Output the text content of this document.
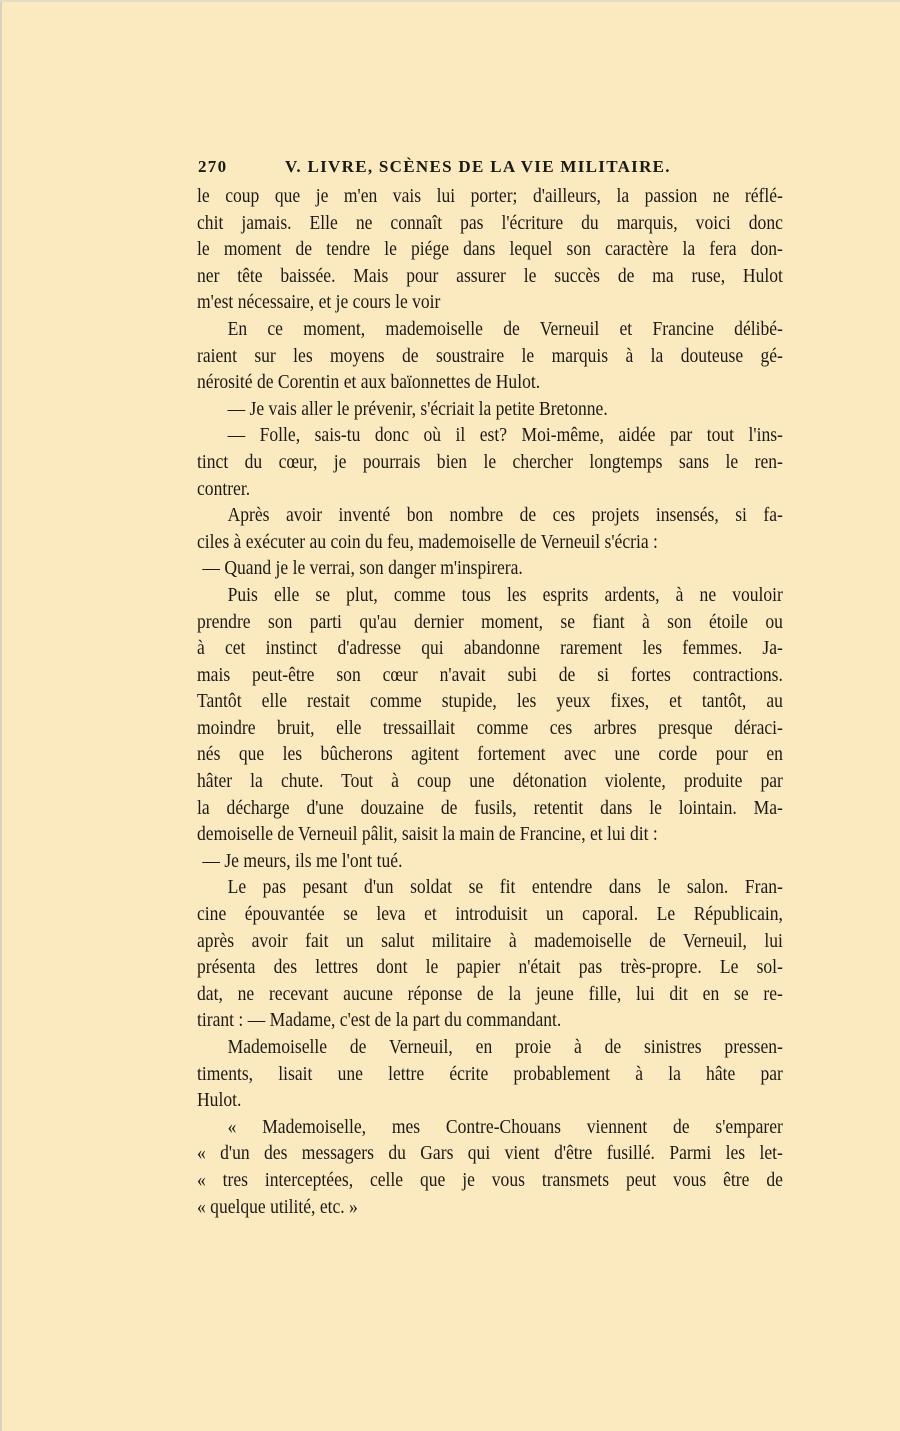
270	V. LIVRE, SCÈNES DE LA VIE MILITAIRE.
le coup que je m'en vais lui porter; d'ailleurs, la passion ne réflé-
chit jamais. Elle ne connaît pas l'écriture du marquis, voici donc
le moment de tendre le piége dans lequel son caractère la fera don-
ner tête baissée. Mais pour assurer le succès de ma ruse, Hulot
m'est nécessaire, et je cours le voir
En ce moment, mademoiselle de Verneuil et Francine délibé-
raient sur les moyens de soustraire le marquis à la douteuse gé-
nérosité de Corentin et aux baïonnettes de Hulot.
— Je vais aller le prévenir, s'écriait la petite Bretonne.
— Folle, sais-tu donc où il est? Moi-même, aidée par tout l'ins-
tinct du cœur, je pourrais bien le chercher longtemps sans le ren-
contrer.
Après avoir inventé bon nombre de ces projets insensés, si fa-
ciles à exécuter au coin du feu, mademoiselle de Verneuil s'écria :
— Quand je le verrai, son danger m'inspirera.
Puis elle se plut, comme tous les esprits ardents, à ne vouloir
prendre son parti qu'au dernier moment, se fiant à son étoile ou
à cet instinct d'adresse qui abandonne rarement les femmes. Ja-
mais peut-être son cœur n'avait subi de si fortes contractions.
Tantôt elle restait comme stupide, les yeux fixes, et tantôt, au
moindre bruit, elle tressaillait comme ces arbres presque déraci-
nés que les bûcherons agitent fortement avec une corde pour en
hâter la chute. Tout à coup une détonation violente, produite par
la décharge d'une douzaine de fusils, retentit dans le lointain. Ma-
demoiselle de Verneuil pâlit, saisit la main de Francine, et lui dit :
— Je meurs, ils me l'ont tué.
Le pas pesant d'un soldat se fit entendre dans le salon. Fran-
cine épouvantée se leva et introduisit un caporal. Le Républicain,
après avoir fait un salut militaire à mademoiselle de Verneuil, lui
présenta des lettres dont le papier n'était pas très-propre. Le sol-
dat, ne recevant aucune réponse de la jeune fille, lui dit en se re-
tirant : — Madame, c'est de la part du commandant.
Mademoiselle de Verneuil, en proie à de sinistres pressen-
timents, lisait une lettre écrite probablement à la hâte par
Hulot.
« Mademoiselle, mes Contre-Chouans viennent de s'emparer
« d'un des messagers du Gars qui vient d'être fusillé. Parmi les let-
« tres interceptées, celle que je vous transmets peut vous être de
« quelque utilité, etc. »
